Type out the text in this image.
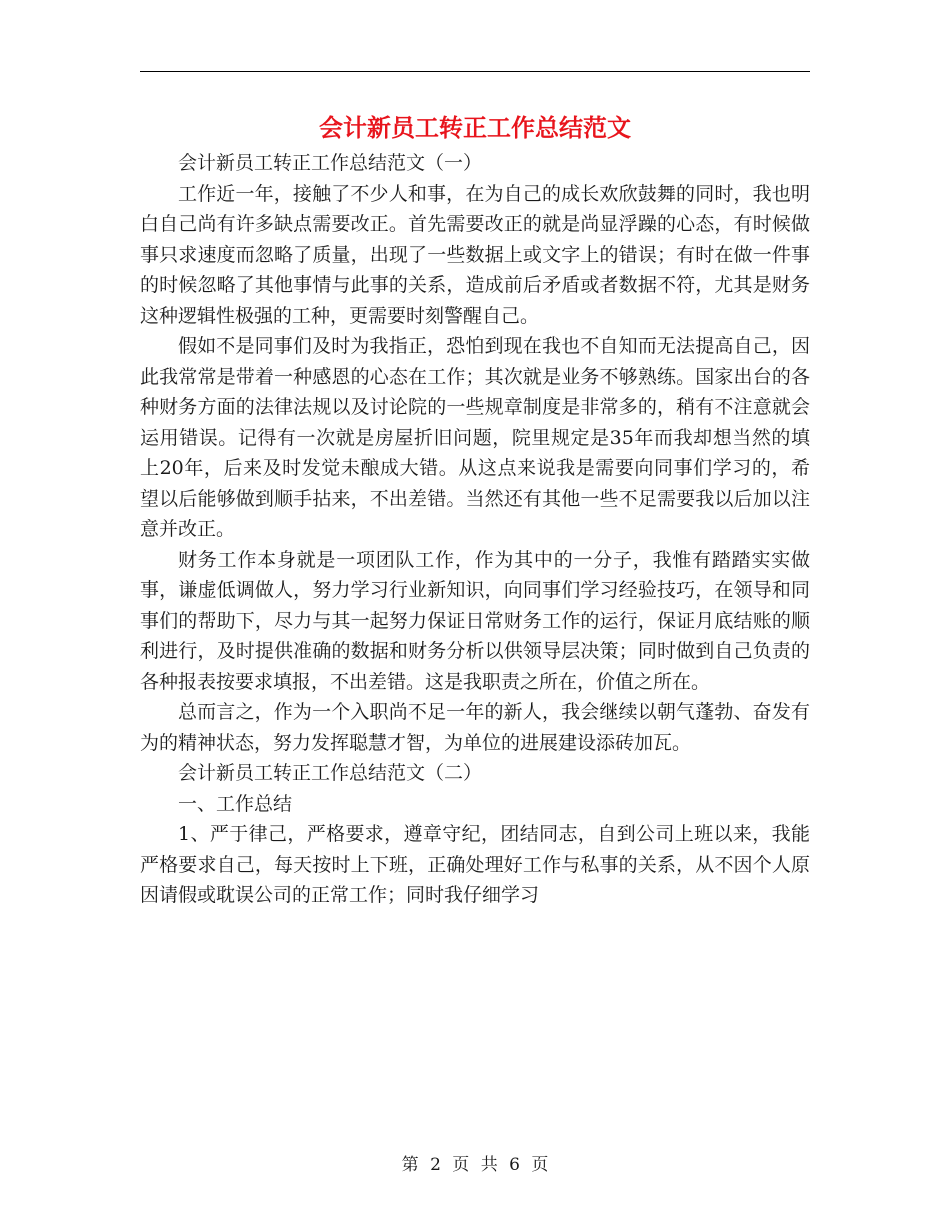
会计新员工转正工作总结范文

会计新员工转正工作总结范文（一）

工作近一年，接触了不少人和事，在为自己的成长欢欣鼓舞的同时，我也明白自己尚有许多缺点需要改正。首先需要改正的就是尚显浮躁的心态，有时候做事只求速度而忽略了质量，出现了一些数据上或文字上的错误；有时在做一件事的时候忽略了其他事情与此事的关系，造成前后矛盾或者数据不符，尤其是财务这种逻辑性极强的工种，更需要时刻警醒自己。

假如不是同事们及时为我指正，恐怕到现在我也不自知而无法提高自己，因此我常常是带着一种感恩的心态在工作；其次就是业务不够熟练。国家出台的各种财务方面的法律法规以及讨论院的一些规章制度是非常多的，稍有不注意就会运用错误。记得有一次就是房屋折旧问题，院里规定是35年而我却想当然的填上20年，后来及时发觉未酿成大错。从这点来说我是需要向同事们学习的，希望以后能够做到顺手拈来，不出差错。当然还有其他一些不足需要我以后加以注意并改正。

财务工作本身就是一项团队工作，作为其中的一分子，我惟有踏踏实实做事，谦虚低调做人，努力学习行业新知识，向同事们学习经验技巧，在领导和同事们的帮助下，尽力与其一起努力保证日常财务工作的运行，保证月底结账的顺利进行，及时提供准确的数据和财务分析以供领导层决策；同时做到自己负责的各种报表按要求填报，不出差错。这是我职责之所在，价值之所在。

总而言之，作为一个入职尚不足一年的新人，我会继续以朝气蓬勃、奋发有为的精神状态，努力发挥聪慧才智，为单位的进展建设添砖加瓦。

会计新员工转正工作总结范文（二）

一、工作总结

1、严于律己，严格要求，遵章守纪，团结同志，自到公司上班以来，我能严格要求自己，每天按时上下班，正确处理好工作与私事的关系，从不因个人原因请假或耽误公司的正常工作；同时我仔细学习

第 2 页 共 6 页
